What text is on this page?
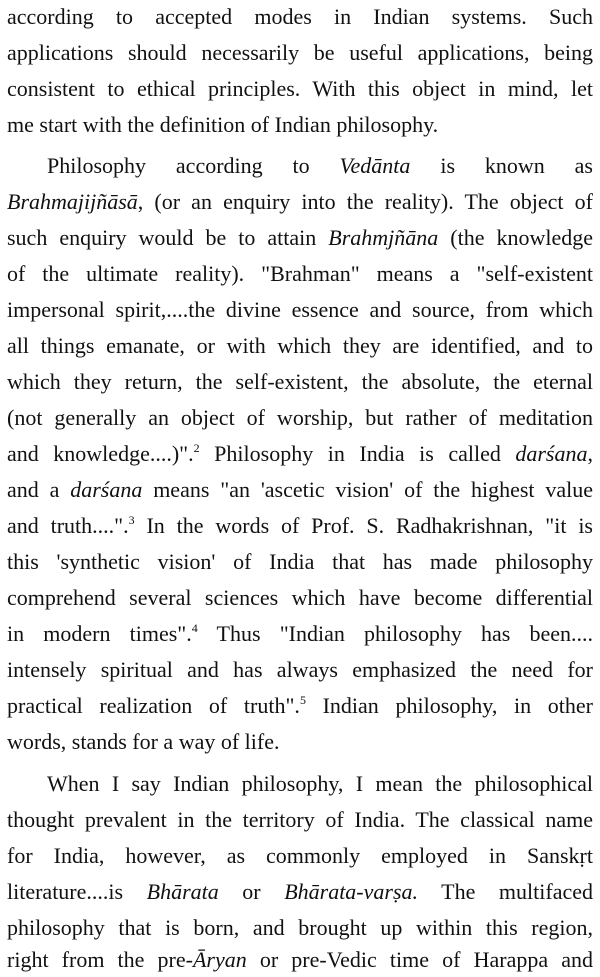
according to accepted modes in Indian systems. Such
applications should necessarily be useful applications, being
consistent to ethical principles. With this object in mind, let
me start with the definition of Indian philosophy.
Philosophy according to Vedānta is known as
Brahmajijñāsā, (or an enquiry into the reality). The object of
such enquiry would be to attain Brahmjñāna (the knowledge
of the ultimate reality). "Brahman" means a "self-existent
impersonal spirit,....the divine essence and source, from which
all things emanate, or with which they are identified, and to
which they return, the self-existent, the absolute, the eternal
(not generally an object of worship, but rather of meditation
and knowledge....)".$^2$ Philosophy in India is called darśana,
and a darśana means "an 'ascetic vision' of the highest value
and truth....".$^3$ In the words of Prof. S. Radhakrishnan, "it is
this 'synthetic vision' of India that has made philosophy
comprehend several sciences which have become differential
in modern times".$^4$ Thus "Indian philosophy has been....
intensely spiritual and has always emphasized the need for
practical realization of truth".$^5$ Indian philosophy, in other
words, stands for a way of life.
When I say Indian philosophy, I mean the philosophical
thought prevalent in the territory of India. The classical name
for India, however, as commonly employed in Sanskṛt
literature....is Bhārata or Bhārata-varṣa. The multifaced
philosophy that is born, and brought up within this region,
right from the pre-Āryan or pre-Vedic time of Harappa and
